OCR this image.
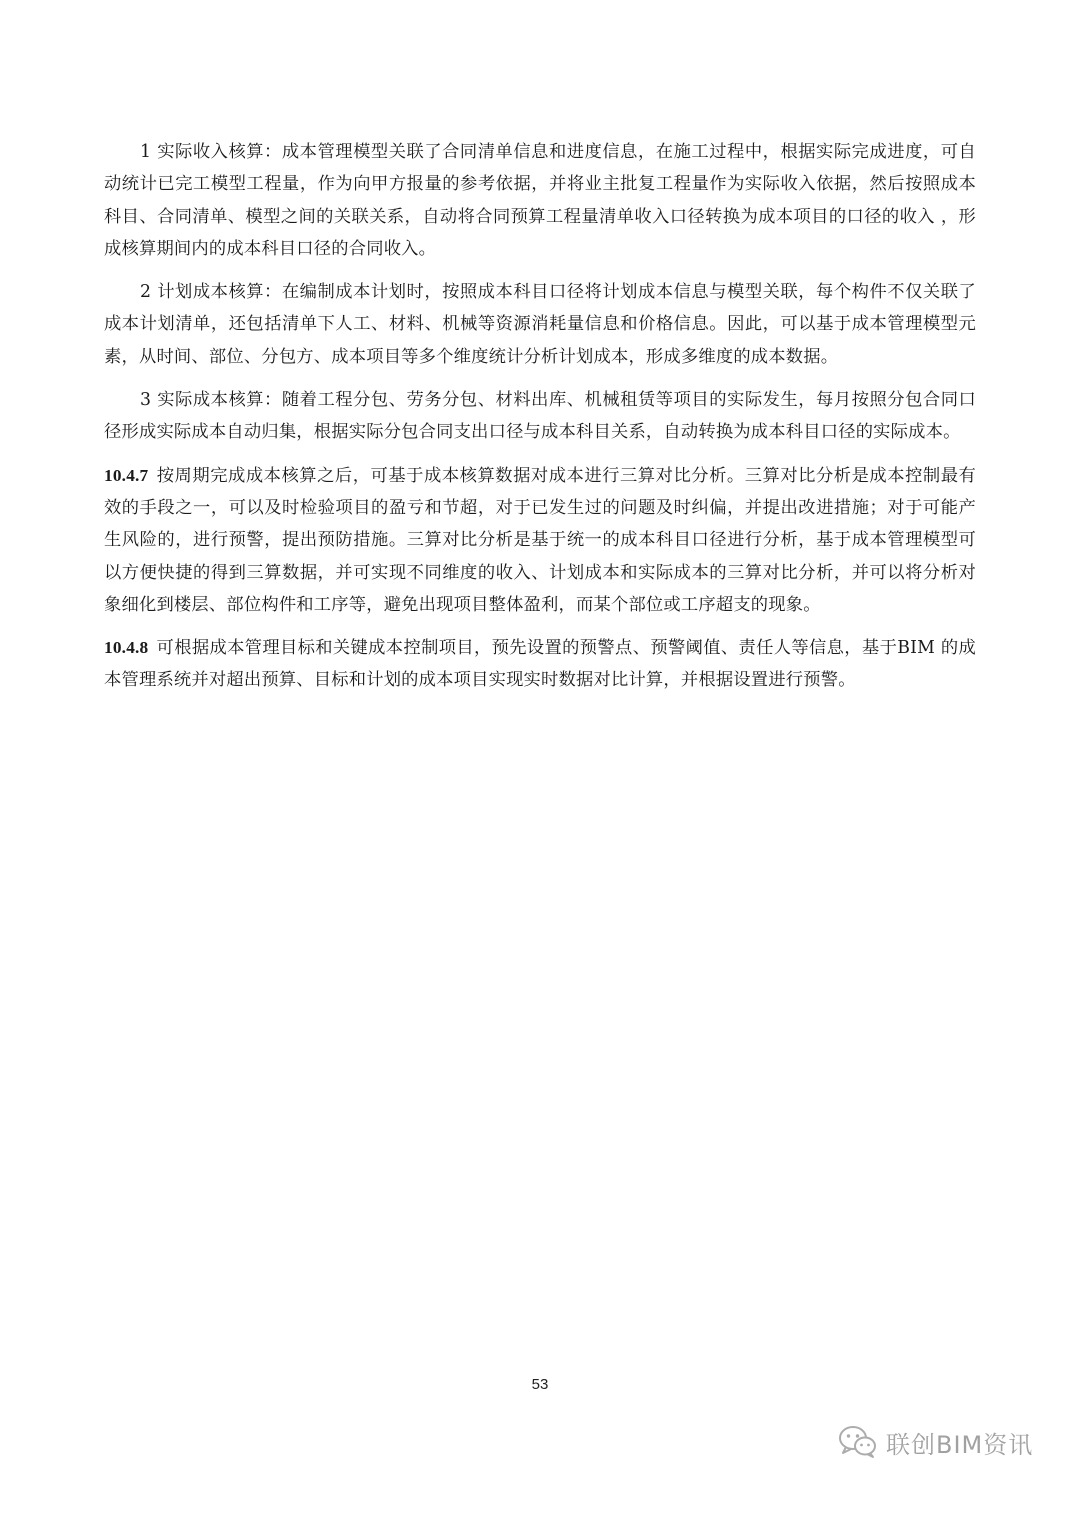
1 实际收入核算：成本管理模型关联了合同清单信息和进度信息，在施工过程中，根据实际完成进度，可自动统计已完工模型工程量，作为向甲方报量的参考依据，并将业主批复工程量作为实际收入依据，然后按照成本科目、合同清单、模型之间的关联关系，自动将合同预算工程量清单收入口径转换为成本项目的口径的收入 ，形成核算期间内的成本科目口径的合同收入。

2 计划成本核算：在编制成本计划时，按照成本科目口径将计划成本信息与模型关联，每个构件不仅关联了成本计划清单，还包括清单下人工、材料、机械等资源消耗量信息和价格信息。因此，可以基于成本管理模型元素，从时间、部位、分包方、成本项目等多个维度统计分析计划成本，形成多维度的成本数据。

3 实际成本核算：随着工程分包、劳务分包、材料出库、机械租赁等项目的实际发生，每月按照分包合同口径形成实际成本自动归集，根据实际分包合同支出口径与成本科目关系，自动转换为成本科目口径的实际成本。

10.4.7 按周期完成成本核算之后，可基于成本核算数据对成本进行三算对比分析。三算对比分析是成本控制最有效的手段之一，可以及时检验项目的盈亏和节超，对于已发生过的问题及时纠偏，并提出改进措施；对于可能产生风险的，进行预警，提出预防措施。三算对比分析是基于统一的成本科目口径进行分析，基于成本管理模型可以方便快捷的得到三算数据，并可实现不同维度的收入、计划成本和实际成本的三算对比分析，并可以将分析对象细化到楼层、部位构件和工序等，避免出现项目整体盈利，而某个部位或工序超支的现象。

10.4.8 可根据成本管理目标和关键成本控制项目，预先设置的预警点、预警阈值、责任人等信息，基于BIM 的成本管理系统并对超出预算、目标和计划的成本项目实现实时数据对比计算，并根据设置进行预警。

53
联创BIM资讯
